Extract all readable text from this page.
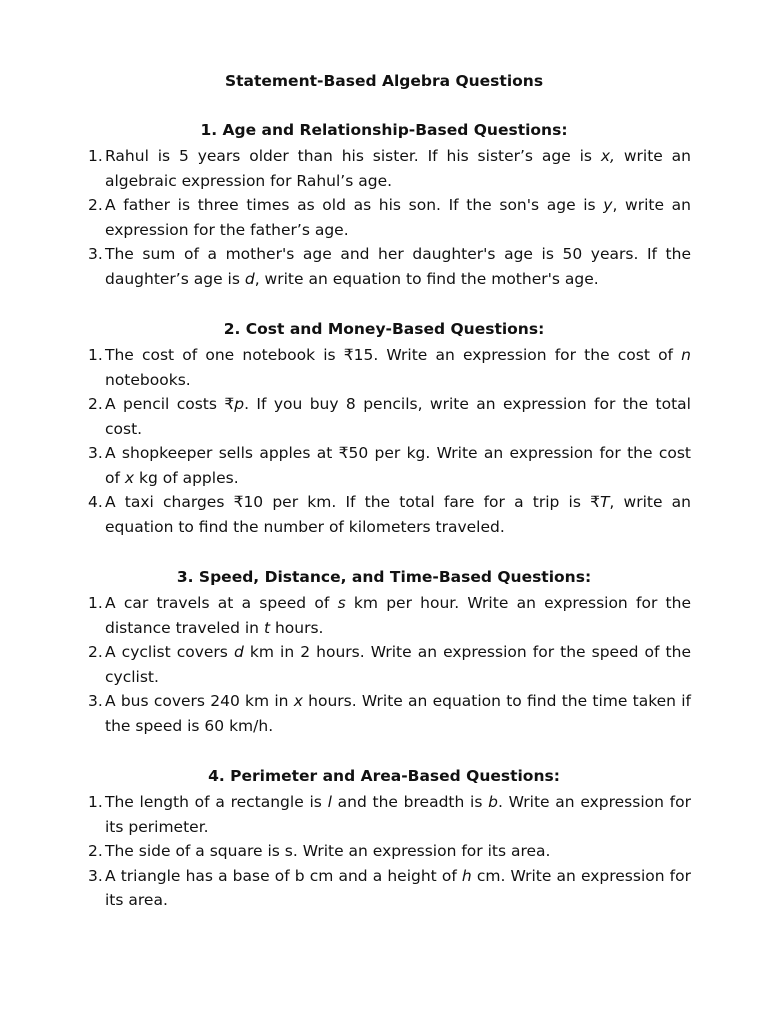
Statement-Based Algebra Questions
1. Age and Relationship-Based Questions:
1. Rahul is 5 years older than his sister. If his sister’s age is x, write an algebraic expression for Rahul’s age.
2. A father is three times as old as his son. If the son's age is y, write an expression for the father’s age.
3. The sum of a mother's age and her daughter's age is 50 years. If the daughter’s age is d, write an equation to find the mother's age.
2. Cost and Money-Based Questions:
1. The cost of one notebook is ₹15. Write an expression for the cost of n notebooks.
2. A pencil costs ₹p. If you buy 8 pencils, write an expression for the total cost.
3. A shopkeeper sells apples at ₹50 per kg. Write an expression for the cost of x kg of apples.
4. A taxi charges ₹10 per km. If the total fare for a trip is ₹T, write an equation to find the number of kilometers traveled.
3. Speed, Distance, and Time-Based Questions:
1. A car travels at a speed of s km per hour. Write an expression for the distance traveled in t hours.
2. A cyclist covers d km in 2 hours. Write an expression for the speed of the cyclist.
3. A bus covers 240 km in x hours. Write an equation to find the time taken if the speed is 60 km/h.
4. Perimeter and Area-Based Questions:
1. The length of a rectangle is l and the breadth is b. Write an expression for its perimeter.
2. The side of a square is s. Write an expression for its area.
3. A triangle has a base of b cm and a height of h cm. Write an expression for its area.
